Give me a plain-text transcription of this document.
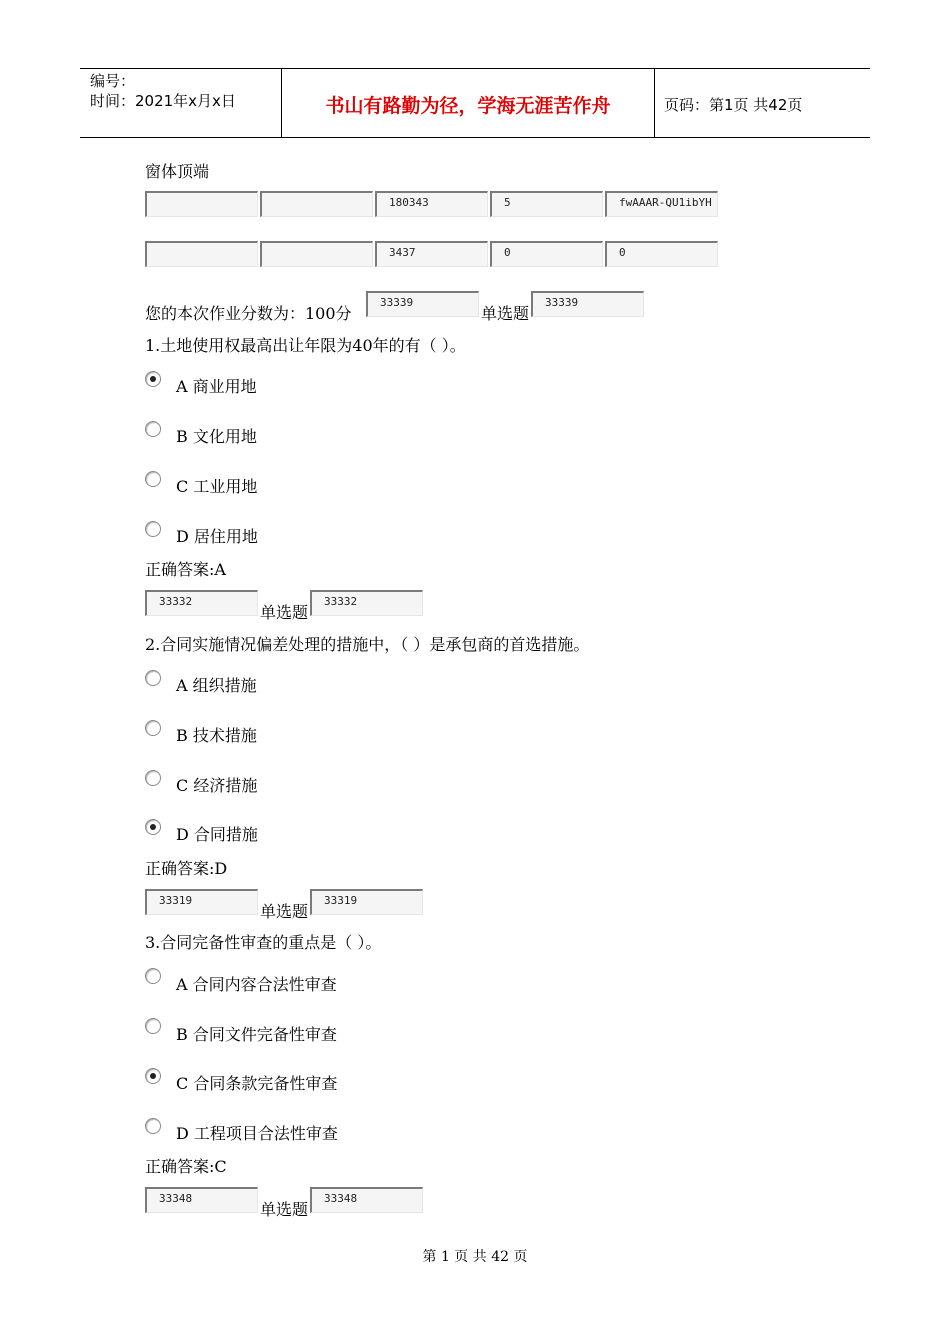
编号：
时间：2021年x月x日	书山有路勤为径，学海无涯苦作舟	页码：第1页 共42页
窗体顶端
180343	5	fwAAAR-QU1ibYH
3437	0	0
您的本次作业分数为：100分
33339
单选题
33339
1.土地使用权最高出让年限为40年的有（ ）。
A 商业用地
B 文化用地
C 工业用地
D 居住用地
正确答案:A
33332
单选题
33332
2.合同实施情况偏差处理的措施中，（ ）是承包商的首选措施。
A 组织措施
B 技术措施
C 经济措施
D 合同措施
正确答案:D
33319
单选题
33319
3.合同完备性审查的重点是（ ）。
A 合同内容合法性审查
B 合同文件完备性审查
C 合同条款完备性审查
D 工程项目合法性审查
正确答案:C
33348
单选题
33348
第 1 页 共 42 页
